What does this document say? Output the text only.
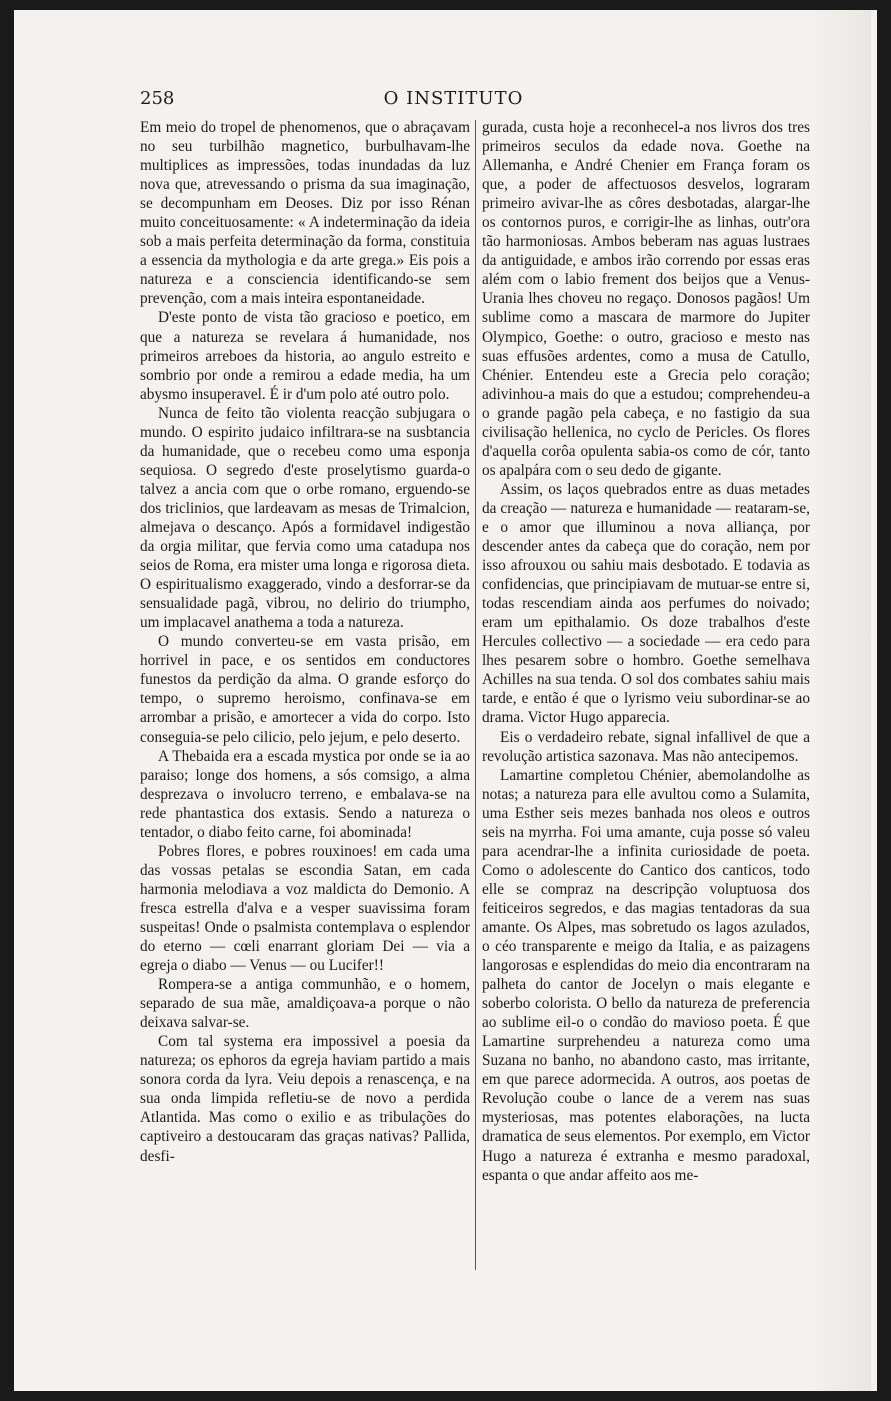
258	O INSTITUTO

Em meio do tropel de phenomenos, que o abraçavam no seu turbilhão magnetico, burbulhavam-lhe multiplices as impressões, todas inundadas da luz nova que, atrevessando o prisma da sua imaginação, se decompunham em Deoses. Diz por isso Rénan muito conceituosamente: « A indeterminação da ideia sob a mais perfeita determinação da forma, constituia a essencia da mythologia e da arte grega.» Eis pois a natureza e a consciencia identificando-se sem prevenção, com a mais inteira espontaneidade.

D'este ponto de vista tão gracioso e poetico, em que a natureza se revelara á humanidade, nos primeiros arreboes da historia, ao angulo estreito e sombrio por onde a remirou a edade media, ha um abysmo insuperavel. É ir d'um polo até outro polo.

Nunca de feito tão violenta reacção subjugara o mundo. O espirito judaico infiltrara-se na susbtancia da humanidade, que o recebeu como uma esponja sequiosa. O segredo d'este proselytismo guarda-o talvez a ancia com que o orbe romano, erguendo-se dos triclinios, que lardeavam as mesas de Trimalcion, almejava o descanço. Após a formidavel indigestão da orgia militar, que fervia como uma catadupa nos seios de Roma, era mister uma longa e rigorosa dieta. O espiritualismo exaggerado, vindo a desforrar-se da sensualidade pagã, vibrou, no delirio do triumpho, um implacavel anathema a toda a natureza.

O mundo converteu-se em vasta prisão, em horrivel in pace, e os sentidos em conductores funestos da perdição da alma. O grande esforço do tempo, o supremo heroismo, confinava-se em arrombar a prisão, e amortecer a vida do corpo. Isto conseguia-se pelo cilicio, pelo jejum, e pelo deserto.

A Thebaida era a escada mystica por onde se ia ao paraiso; longe dos homens, a sós comsigo, a alma desprezava o involucro terreno, e embalava-se na rede phantastica dos extasis. Sendo a natureza o tentador, o diabo feito carne, foi abominada!

Pobres flores, e pobres rouxinoes! em cada uma das vossas petalas se escondia Satan, em cada harmonia melodiava a voz maldicta do Demonio. A fresca estrella d'alva e a vesper suavissima foram suspeitas! Onde o psalmista contemplava o esplendor do eterno — cœli enarrant gloriam Dei — via a egreja o diabo — Venus — ou Lucifer!!

Rompera-se a antiga communhão, e o homem, separado de sua mãe, amaldiçoava-a porque o não deixava salvar-se.

Com tal systema era impossivel a poesia da natureza; os ephoros da egreja haviam partido a mais sonora corda da lyra. Veiu depois a renascença, e na sua onda limpida refletiu-se de novo a perdida Atlantida. Mas como o exilio e as tribulações do captiveiro a destoucaram das graças nativas? Pallida, desfi-

gurada, custa hoje a reconhecel-a nos livros dos tres primeiros seculos da edade nova. Goethe na Allemanha, e André Chenier em França foram os que, a poder de affectuosos desvelos, lograram primeiro avivar-lhe as côres desbotadas, alargar-lhe os contornos puros, e corrigir-lhe as linhas, outr'ora tão harmoniosas. Ambos beberam nas aguas lustraes da antiguidade, e ambos irão correndo por essas eras além com o labio frement dos beijos que a Venus-Urania lhes choveu no regaço. Donosos pagãos! Um sublime como a mascara de marmore do Jupiter Olympico, Goethe: o outro, gracioso e mesto nas suas effusões ardentes, como a musa de Catullo, Chénier. Entendeu este a Grecia pelo coração; adivinhou-a mais do que a estudou; comprehendeu-a o grande pagão pela cabeça, e no fastigio da sua civilisação hellenica, no cyclo de Pericles. Os flores d'aquella corôa opulenta sabia-os como de cór, tanto os apalpára com o seu dedo de gigante.

Assim, os laços quebrados entre as duas metades da creação — natureza e humanidade — reataram-se, e o amor que illuminou a nova alliança, por descender antes da cabeça que do coração, nem por isso afrouxou ou sahiu mais desbotado. E todavia as confidencias, que principiavam de mutuar-se entre si, todas rescendiam ainda aos perfumes do noivado; eram um epithalamio. Os doze trabalhos d'este Hercules collectivo — a sociedade — era cedo para lhes pesarem sobre o hombro. Goethe semelhava Achilles na sua tenda. O sol dos combates sahiu mais tarde, e então é que o lyrismo veiu subordinar-se ao drama. Victor Hugo apparecia.

Eis o verdadeiro rebate, signal infallivel de que a revolução artistica sazonava. Mas não antecipemos.

Lamartine completou Chénier, abemolandolhe as notas; a natureza para elle avultou como a Sulamita, uma Esther seis mezes banhada nos oleos e outros seis na myrrha. Foi uma amante, cuja posse só valeu para acendrar-lhe a infinita curiosidade de poeta. Como o adolescente do Cantico dos canticos, todo elle se compraz na descripção voluptuosa dos feiticeiros segredos, e das magias tentadoras da sua amante. Os Alpes, mas sobretudo os lagos azulados, o céo transparente e meigo da Italia, e as paizagens langorosas e esplendidas do meio dia encontraram na palheta do cantor de Jocelyn o mais elegante e soberbo colorista. O bello da natureza de preferencia ao sublime eil-o o condão do mavioso poeta. É que Lamartine surprehendeu a natureza como uma Suzana no banho, no abandono casto, mas irritante, em que parece adormecida. A outros, aos poetas de Revolução coube o lance de a verem nas suas mysteriosas, mas potentes elaborações, na lucta dramatica de seus elementos. Por exemplo, em Victor Hugo a natureza é extranha e mesmo paradoxal, espanta o que andar affeito aos me-
